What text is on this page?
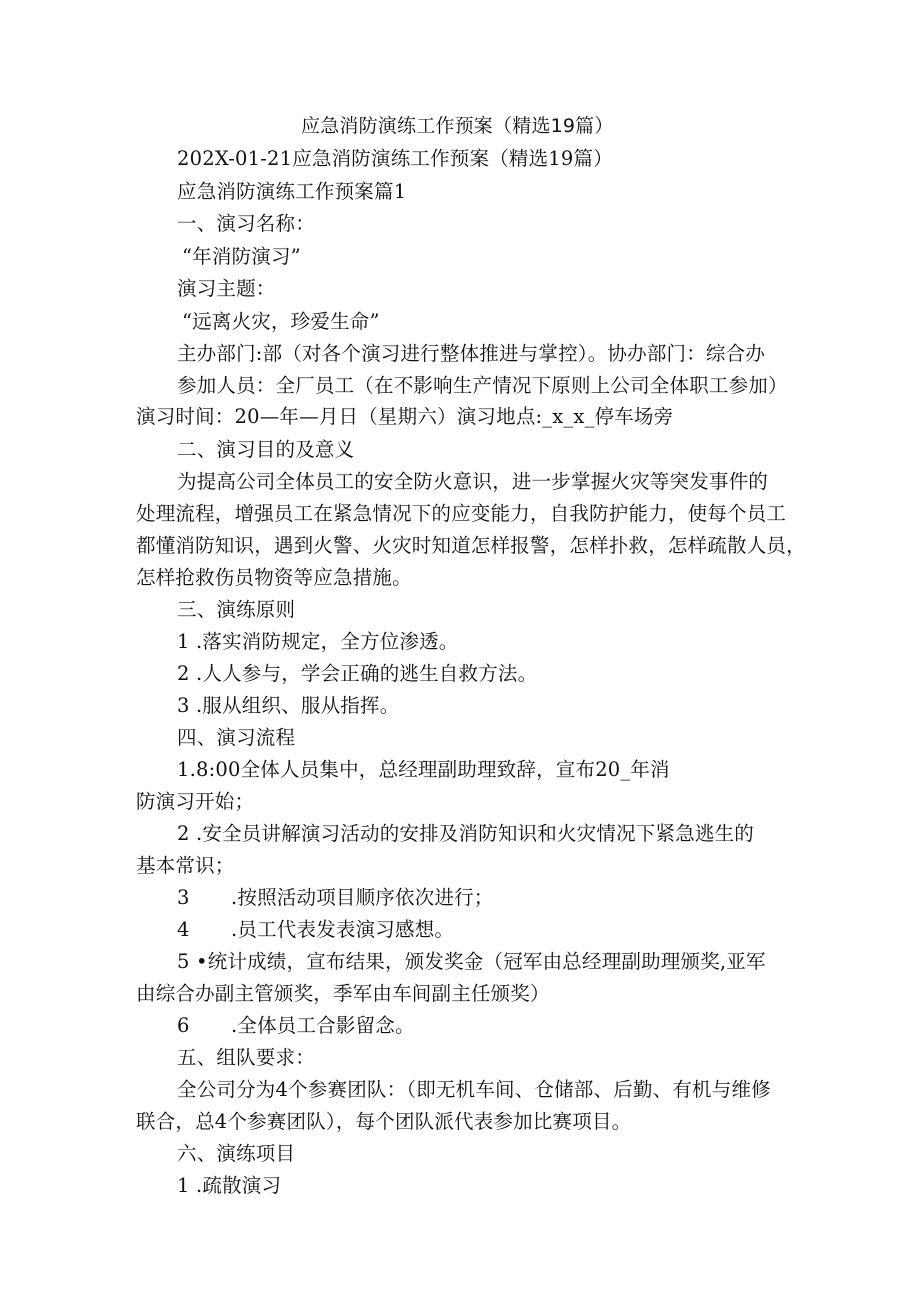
应急消防演练工作预案（精选19篇）
202X-01-21应急消防演练工作预案（精选19篇）
应急消防演练工作预案篇1
一、演习名称：
“年消防演习”
演习主题：
“远离火灾，珍爱生命”
主办部门:部（对各个演习进行整体推进与掌控）。协办部门：综合办
参加人员：全厂员工（在不影响生产情况下原则上公司全体职工参加）
演习时间：20—年—月日（星期六）演习地点:_x_x_停车场旁
二、演习目的及意义
为提高公司全体员工的安全防火意识，进一步掌握火灾等突发事件的
处理流程，增强员工在紧急情况下的应变能力，自我防护能力，使每个员工
都懂消防知识，遇到火警、火灾时知道怎样报警，怎样扑救，怎样疏散人员，
怎样抢救伤员物资等应急措施。
三、演练原则
1 .落实消防规定，全方位渗透。
2 .人人参与，学会正确的逃生自救方法。
3 .服从组织、服从指挥。
四、演习流程
1.8:00全体人员集中，总经理副助理致辞，宣布20_年消
防演习开始；
2 .安全员讲解演习活动的安排及消防知识和火灾情况下紧急逃生的
基本常识；
3 .按照活动项目顺序依次进行；
4 .员工代表发表演习感想。
5 •统计成绩，宣布结果，颁发奖金（冠军由总经理副助理颁奖,亚军
由综合办副主管颁奖，季军由车间副主任颁奖）
6 .全体员工合影留念。
五、组队要求：
全公司分为4个参赛团队：（即无机车间、仓储部、后勤、有机与维修
联合，总4个参赛团队），每个团队派代表参加比赛项目。
六、演练项目
1 .疏散演习
